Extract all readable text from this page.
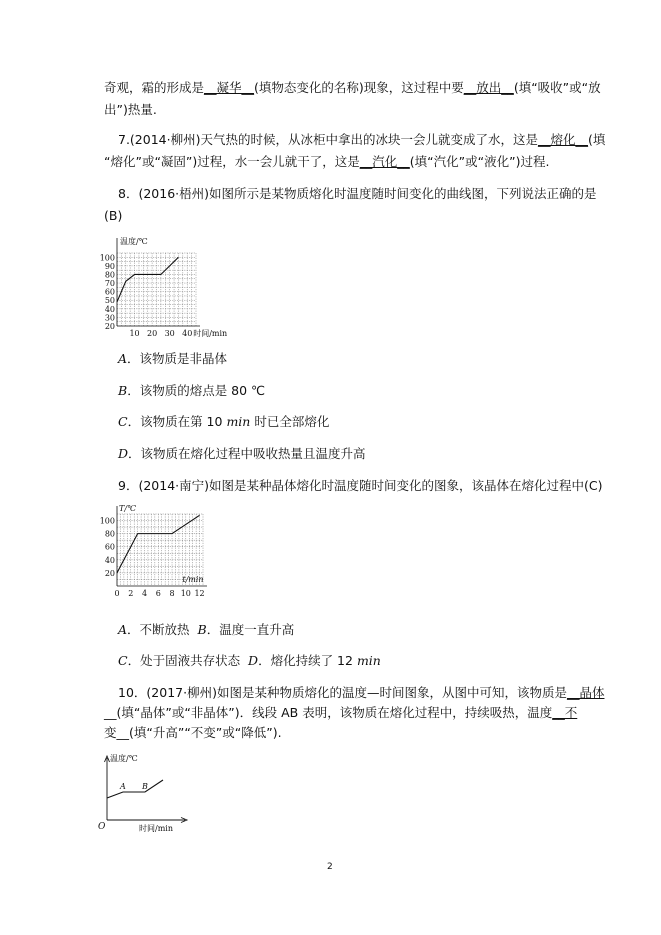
奇观，霜的形成是__凝华__(填物态变化的名称)现象，这过程中要__放出__(填“吸收”或“放
出”)热量.
7.(2014·柳州)天气热的时候，从冰柜中拿出的冰块一会儿就变成了水，这是__熔化__(填
“熔化”或“凝固”)过程，水一会儿就干了，这是__汽化__(填“汽化”或“液化”)过程.
8．(2016·梧州)如图所示是某物质熔化时温度随时间变化的曲线图，下列说法正确的是
(B)
温度/℃
100
90
80
70
60
50
40
30
20
10 20 30 40 时间/min
A．该物质是非晶体
B．该物质的熔点是 80 ℃
C．该物质在第 10 min 时已全部熔化
D．该物质在熔化过程中吸收热量且温度升高
9．(2014·南宁)如图是某种晶体熔化时温度随时间变化的图象，该晶体在熔化过程中(C)
T/℃
100
80
60
40
20
0 2 4 6 8 10 12
t/min
A．不断放热 B．温度一直升高
C．处于固液共存状态 D．熔化持续了 12 min
10．(2017·柳州)如图是某种物质熔化的温度—时间图象，从图中可知，该物质是__晶体
__(填“晶体”或“非晶体”)．线段 AB 表明，该物质在熔化过程中，持续吸热，温度__不
变__(填“升高”“不变”或“降低”).
温度/℃
时间/min
O
A B
2
